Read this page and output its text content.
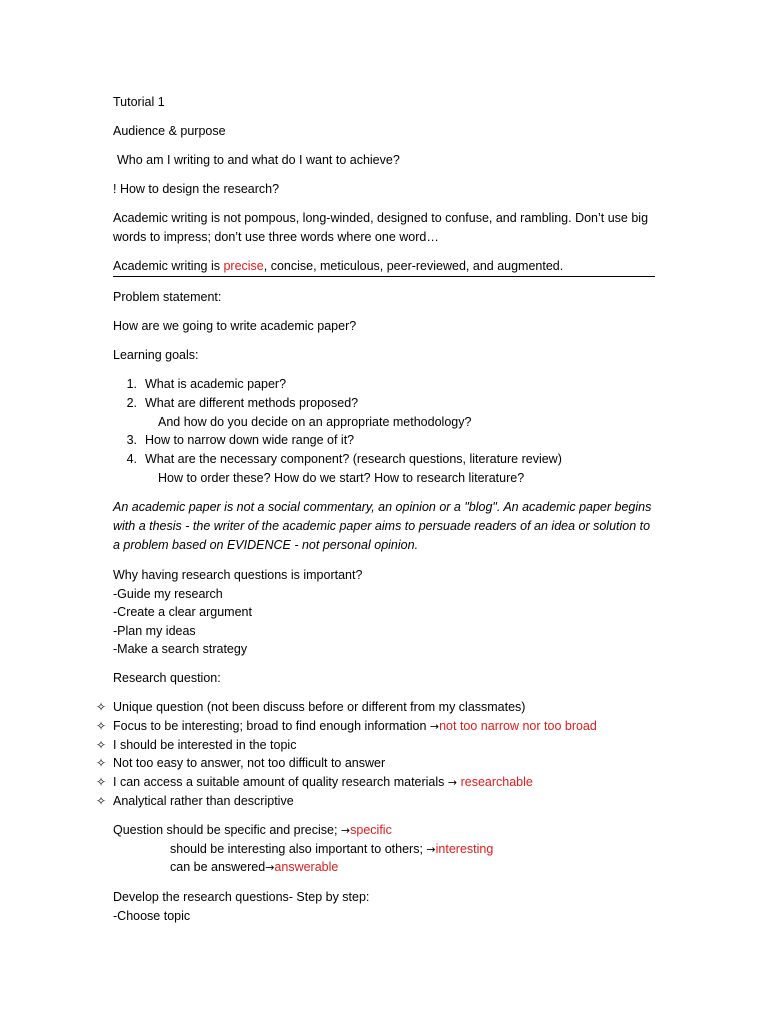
Tutorial 1
Audience & purpose
Who am I writing to and what do I want to achieve?
! How to design the research?
Academic writing is not pompous, long-winded, designed to confuse, and rambling. Don’t use big words to impress; don’t use three words where one word…
Academic writing is precise, concise, meticulous, peer-reviewed, and augmented.
Problem statement:
How are we going to write academic paper?
Learning goals:
1. What is academic paper?
2. What are different methods proposed?
And how do you decide on an appropriate methodology?
3. How to narrow down wide range of it?
4. What are the necessary component? (research questions, literature review)
How to order these? How do we start? How to research literature?
An academic paper is not a social commentary, an opinion or a "blog". An academic paper begins with a thesis - the writer of the academic paper aims to persuade readers of an idea or solution to a problem based on EVIDENCE - not personal opinion.
Why having research questions is important?
-Guide my research
-Create a clear argument
-Plan my ideas
-Make a search strategy
Research question:
✧ Unique question (not been discuss before or different from my classmates)
✧ Focus to be interesting; broad to find enough information →not too narrow nor too broad
✧ I should be interested in the topic
✧ Not too easy to answer, not too difficult to answer
✧ I can access a suitable amount of quality research materials → researchable
✧ Analytical rather than descriptive
Question should be specific and precise; →specific
should be interesting also important to others; →interesting
can be answered→answerable
Develop the research questions- Step by step:
-Choose topic
